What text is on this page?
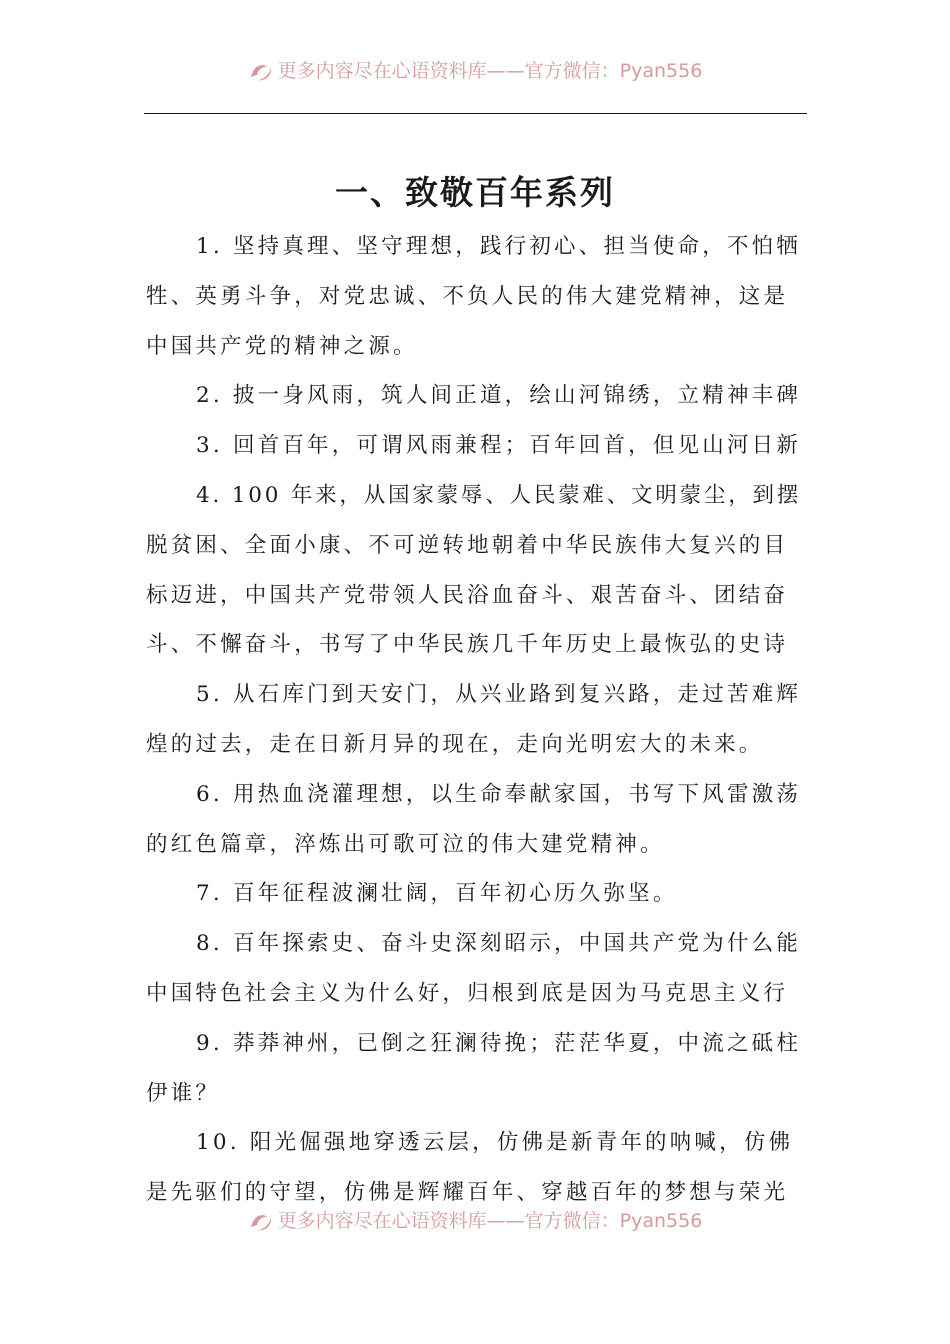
更多内容尽在心语资料库——官方微信：Pyan556
一、致敬百年系列

1. 坚持真理、坚守理想，践行初心、担当使命，不怕牺
牲、英勇斗争，对党忠诚、不负人民的伟大建党精神，这是
中国共产党的精神之源。

2. 披一身风雨，筑人间正道，绘山河锦绣，立精神丰碑

3. 回首百年，可谓风雨兼程；百年回首，但见山河日新

4. 100 年来，从国家蒙辱、人民蒙难、文明蒙尘，到摆
脱贫困、全面小康、不可逆转地朝着中华民族伟大复兴的目
标迈进，中国共产党带领人民浴血奋斗、艰苦奋斗、团结奋
斗、不懈奋斗，书写了中华民族几千年历史上最恢弘的史诗

5. 从石库门到天安门，从兴业路到复兴路，走过苦难辉
煌的过去，走在日新月异的现在，走向光明宏大的未来。

6. 用热血浇灌理想，以生命奉献家国，书写下风雷激荡
的红色篇章，淬炼出可歌可泣的伟大建党精神。

7. 百年征程波澜壮阔，百年初心历久弥坚。

8. 百年探索史、奋斗史深刻昭示，中国共产党为什么能
中国特色社会主义为什么好，归根到底是因为马克思主义行

9. 莽莽神州，已倒之狂澜待挽；茫茫华夏，中流之砥柱
伊谁？

10. 阳光倔强地穿透云层，仿佛是新青年的呐喊，仿佛
是先驱们的守望，仿佛是辉耀百年、穿越百年的梦想与荣光

更多内容尽在心语资料库——官方微信：Pyan556
